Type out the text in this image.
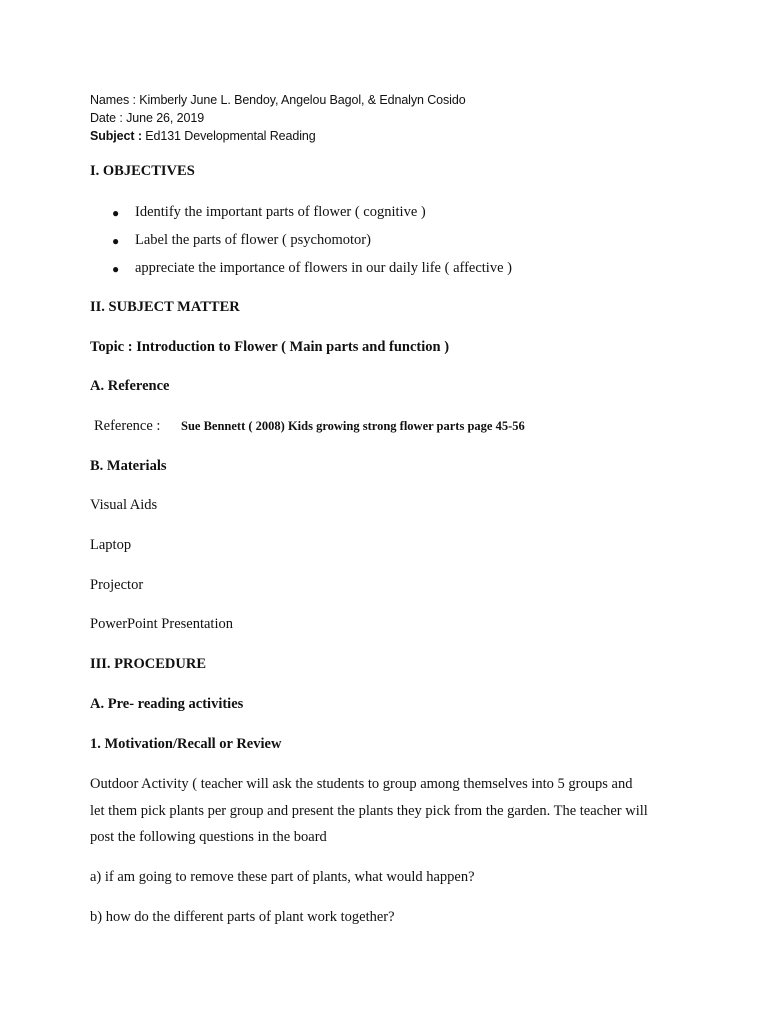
Names : Kimberly June L. Bendoy, Angelou Bagol, & Ednalyn Cosido
Date : June 26, 2019
Subject : Ed131 Developmental Reading
I. OBJECTIVES
● Identify the important parts of flower ( cognitive )
● Label the parts of flower ( psychomotor)
● appreciate the importance of flowers in our daily life ( affective )
II. SUBJECT MATTER
Topic : Introduction to Flower ( Main parts and function )
A. Reference
Reference : Sue Bennett ( 2008) Kids growing strong flower parts page 45-56
B. Materials
Visual Aids
Laptop
Projector
PowerPoint Presentation
III. PROCEDURE
A. Pre- reading activities
1. Motivation/Recall or Review
Outdoor Activity ( teacher will ask the students to group among themselves into 5 groups and
let them pick plants per group and present the plants they pick from the garden. The teacher will
post the following questions in the board
a) if am going to remove these part of plants, what would happen?
b) how do the different parts of plant work together?
